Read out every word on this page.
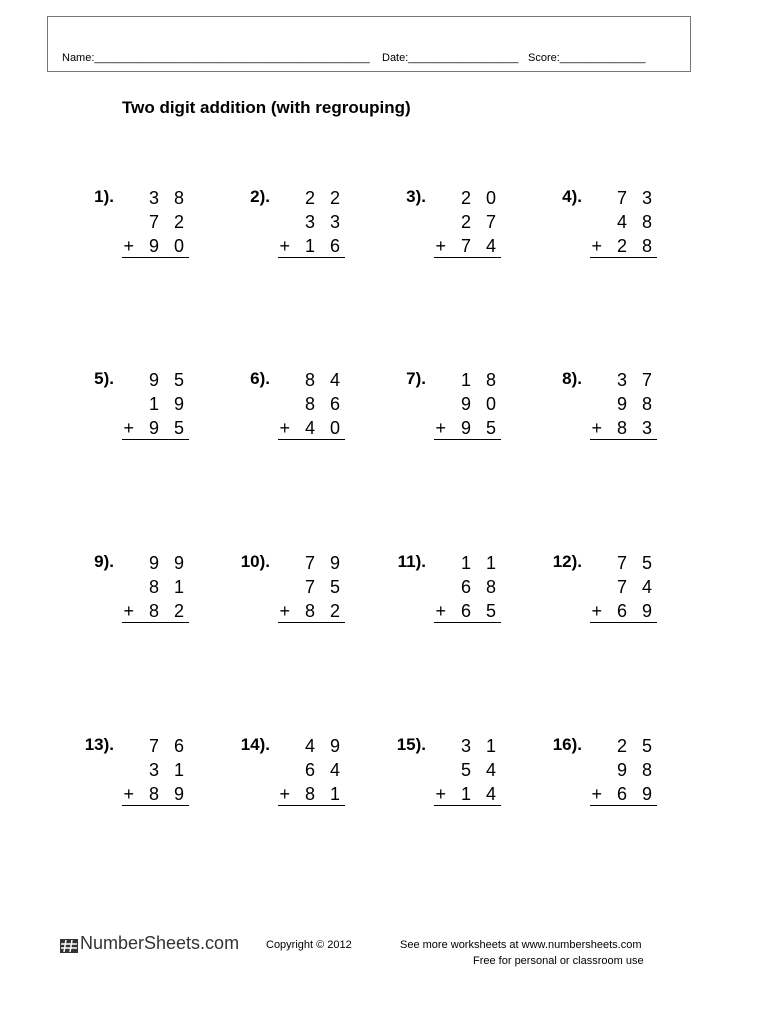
Name:_____________________________________________ Date:__________________ Score:______________
Two digit addition (with regrouping)
1).	3 8
7 2
+ 9 0
2).	2 2
3 3
+ 1 6
3).	2 0
2 7
+ 7 4
4).	7 3
4 8
+ 2 8
5).	9 5
1 9
+ 9 5
6).	8 4
8 6
+ 4 0
7).	1 8
9 0
+ 9 5
8).	3 7
9 8
+ 8 3
9).	9 9
8 1
+ 8 2
10).	7 9
7 5
+ 8 2
11).	1 1
6 8
+ 6 5
12).	7 5
7 4
+ 6 9
13).	7 6
3 1
+ 8 9
14).	4 9
6 4
+ 8 1
15).	3 1
5 4
+ 1 4
16).	2 5
9 8
+ 6 9
NumberSheets.com Copyright © 2012	See more worksheets at www.numbersheets.com
Free for personal or classroom use
